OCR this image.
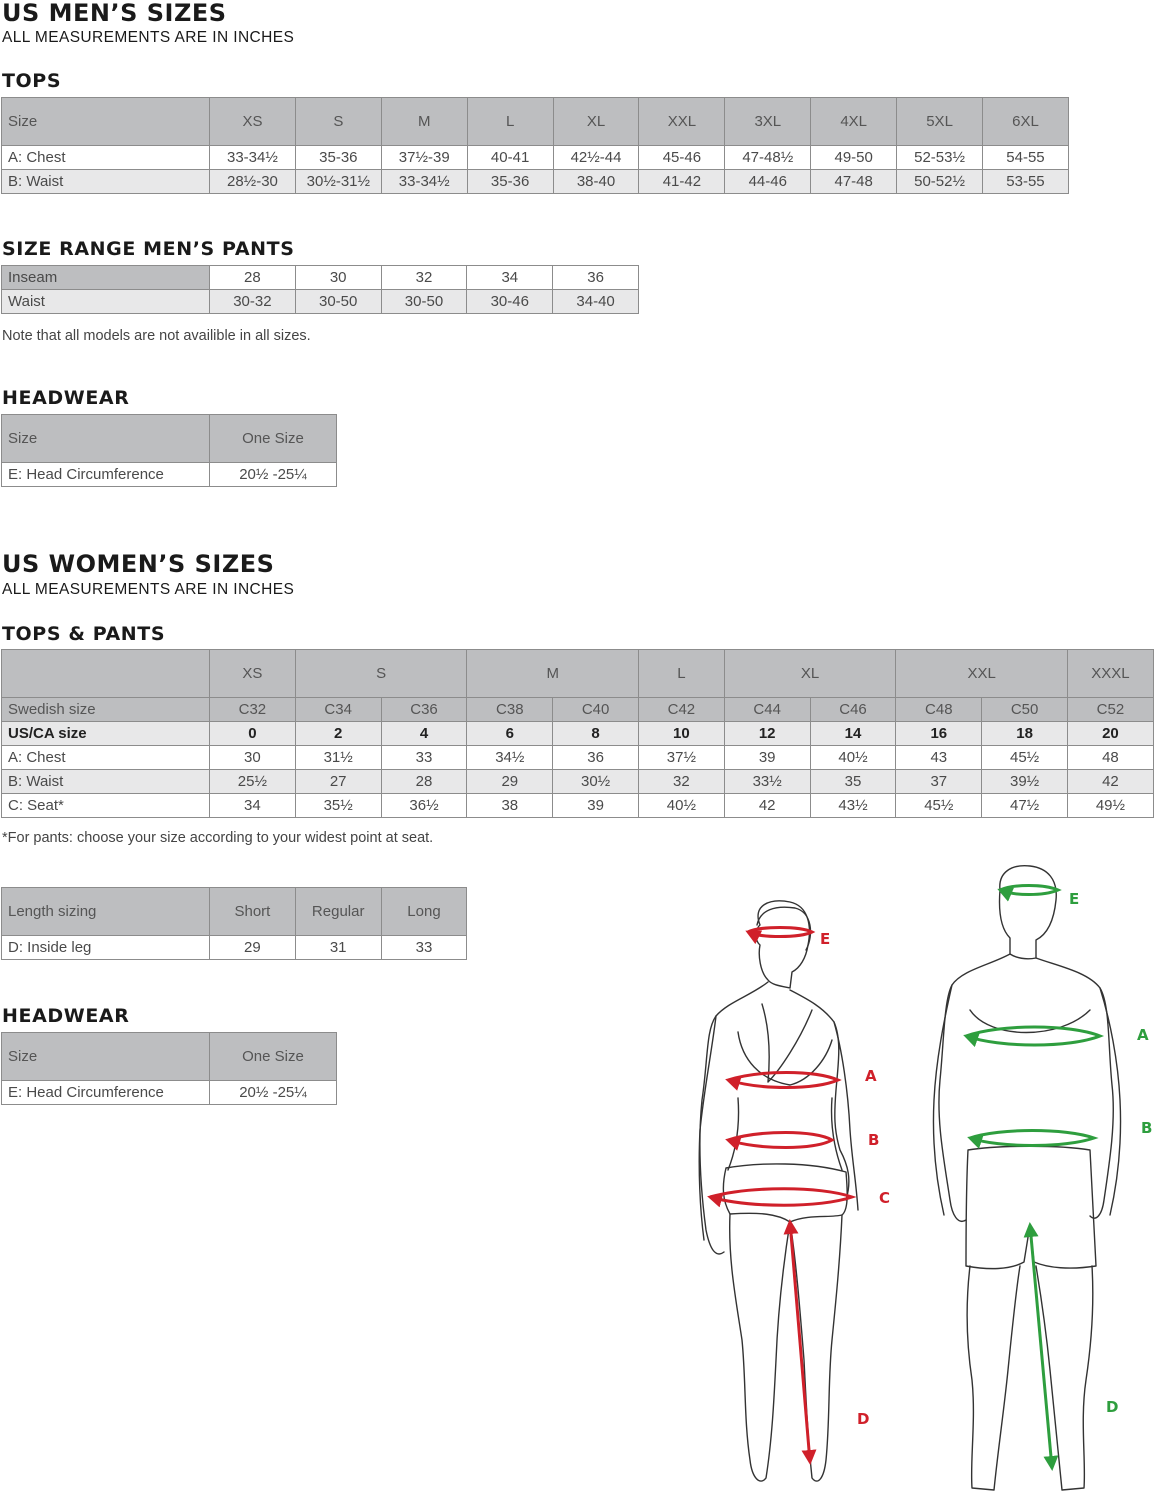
US MEN’S SIZES
ALL MEASUREMENTS ARE IN INCHES
TOPS
Size	XS	S	M	L	XL	XXL	3XL	4XL	5XL	6XL
A: Chest	33-34½	35-36	37½-39	40-41	42½-44	45-46	47-48½	49-50	52-53½	54-55
B: Waist	28½-30	30½-31½	33-34½	35-36	38-40	41-42	44-46	47-48	50-52½	53-55
SIZE RANGE MEN’S PANTS
Inseam	28	30	32	34	36
Waist	30-32	30-50	30-50	30-46	34-40
Note that all models are not availible in all sizes.
HEADWEAR
Size	One Size
E: Head Circumference	20½ -25¼
US WOMEN’S SIZES
ALL MEASUREMENTS ARE IN INCHES
TOPS & PANTS
	XS	S		M		L	XL		XXL		XXXL
Swedish size	C32	C34	C36	C38	C40	C42	C44	C46	C48	C50	C52
US/CA size	0	2	4	6	8	10	12	14	16	18	20
A: Chest	30	31½	33	34½	36	37½	39	40½	43	45½	48
B: Waist	25½	27	28	29	30½	32	33½	35	37	39½	42
C: Seat*	34	35½	36½	38	39	40½	42	43½	45½	47½	49½
*For pants: choose your size according to your widest point at seat.
Length sizing	Short	Regular	Long
D: Inside leg	29	31	33
HEADWEAR
Size	One Size
E: Head Circumference	20½ -25¼
E
A
B
C
D
E
A
B
D
